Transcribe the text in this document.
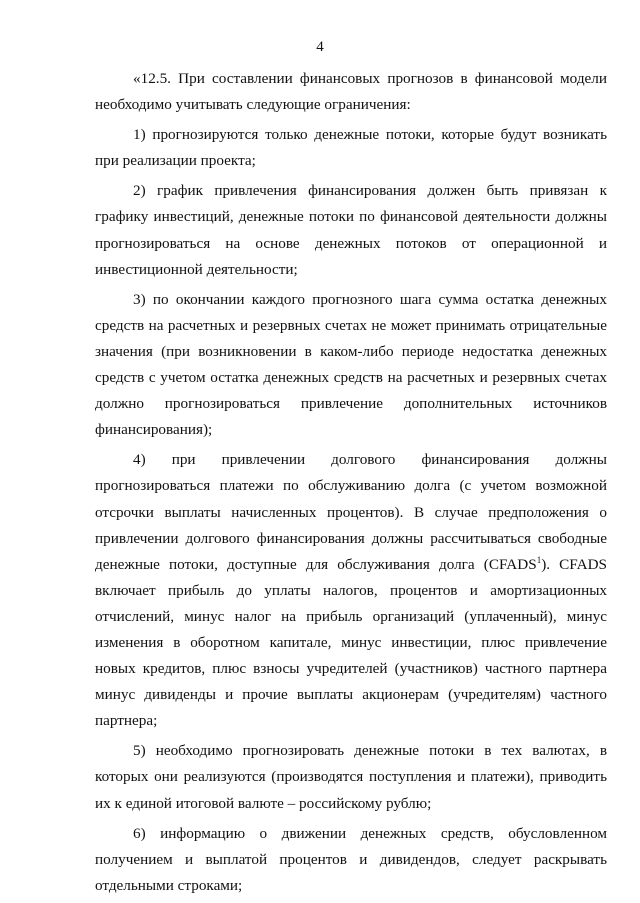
4

«12.5. При составлении финансовых прогнозов в финансовой модели необходимо учитывать следующие ограничения:

1) прогнозируются только денежные потоки, которые будут возникать при реализации проекта;

2) график привлечения финансирования должен быть привязан к графику инвестиций, денежные потоки по финансовой деятельности должны прогнозироваться на основе денежных потоков от операционной и инвестиционной деятельности;

3) по окончании каждого прогнозного шага сумма остатка денежных средств на расчетных и резервных счетах не может принимать отрицательные значения (при возникновении в каком-либо периоде недостатка денежных средств с учетом остатка денежных средств на расчетных и резервных счетах должно прогнозироваться привлечение дополнительных источников финансирования);

4) при привлечении долгового финансирования должны прогнозироваться платежи по обслуживанию долга (с учетом возможной отсрочки выплаты начисленных процентов). В случае предположения о привлечении долгового финансирования должны рассчитываться свободные денежные потоки, доступные для обслуживания долга (CFADS$^1$). CFADS включает прибыль до уплаты налогов, процентов и амортизационных отчислений, минус налог на прибыль организаций (уплаченный), минус изменения в оборотном капитале, минус инвестиции, плюс привлечение новых кредитов, плюс взносы учредителей (участников) частного партнера минус дивиденды и прочие выплаты акционерам (учредителям) частного партнера;

5) необходимо прогнозировать денежные потоки в тех валютах, в которых они реализуются (производятся поступления и платежи), приводить их к единой итоговой валюте – российскому рублю;

6) информацию о движении денежных средств, обусловленном получением и выплатой процентов и дивидендов, следует раскрывать отдельными строками;
